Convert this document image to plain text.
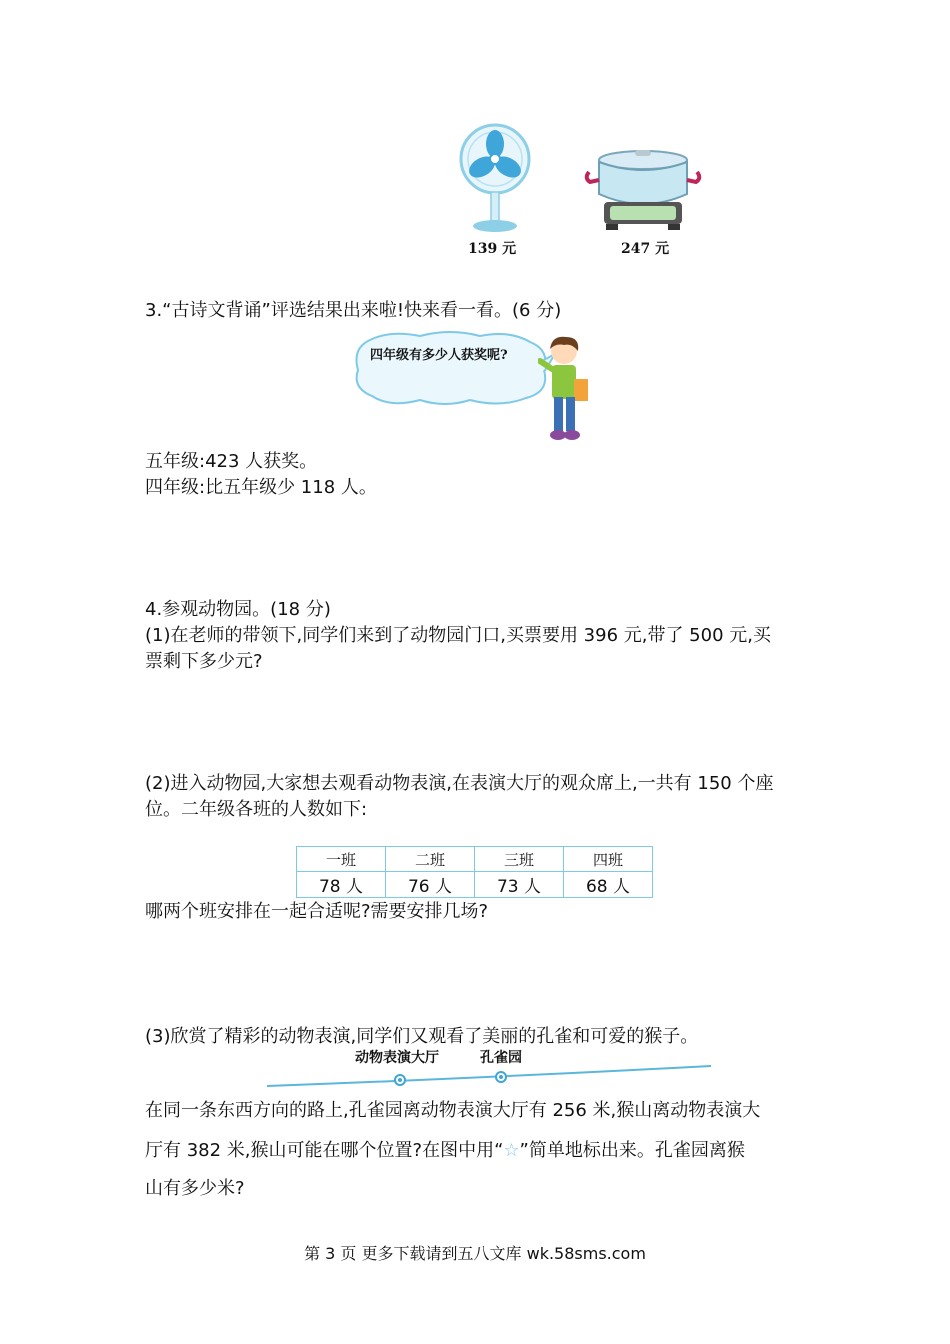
139 元	247 元
3.“古诗文背诵”评选结果出来啦!快来看一看。(6 分)
四年级有多少人获奖呢?
五年级:423 人获奖。
四年级:比五年级少 118 人。
4.参观动物园。(18 分)
(1)在老师的带领下,同学们来到了动物园门口,买票要用 396 元,带了 500 元,买
票剩下多少元?
(2)进入动物园,大家想去观看动物表演,在表演大厅的观众席上,一共有 150 个座
位。二年级各班的人数如下:
一班	二班	三班	四班
78 人	76 人	73 人	68 人
哪两个班安排在一起合适呢?需要安排几场?
(3)欣赏了精彩的动物表演,同学们又观看了美丽的孔雀和可爱的猴子。
动物表演大厅	孔雀园
在同一条东西方向的路上,孔雀园离动物表演大厅有 256 米,猴山离动物表演大
厅有 382 米,猴山可能在哪个位置?在图中用“☆”简单地标出来。孔雀园离猴
山有多少米?
第 3 页 更多下载请到五八文库 wk.58sms.com
